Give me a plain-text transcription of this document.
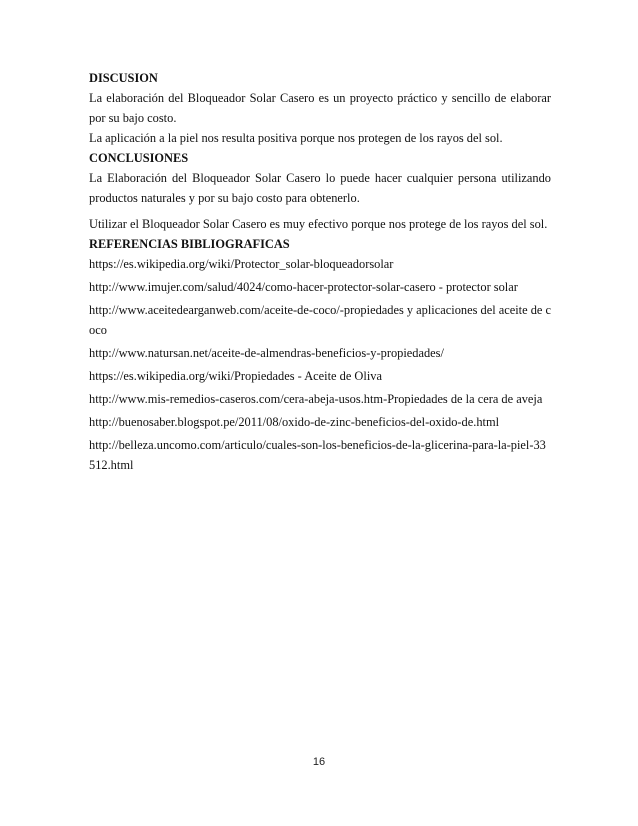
DISCUSION

La elaboración del Bloqueador Solar Casero es un proyecto práctico y sencillo de elaborar por su bajo costo.

La aplicación a la piel nos resulta positiva porque nos protegen de los rayos del sol.

CONCLUSIONES

La Elaboración del Bloqueador Solar Casero lo puede hacer cualquier persona utilizando productos naturales y por su bajo costo para obtenerlo.

Utilizar el Bloqueador Solar Casero es muy efectivo porque nos protege de los rayos del sol.

REFERENCIAS BIBLIOGRAFICAS

https://es.wikipedia.org/wiki/Protector_solar-bloqueadorsolar

http://www.imujer.com/salud/4024/como-hacer-protector-solar-casero - protector solar

http://www.aceitedearganweb.com/aceite-de-coco/-propiedades y aplicaciones del aceite de coco

http://www.natursan.net/aceite-de-almendras-beneficios-y-propiedades/

https://es.wikipedia.org/wiki/Propiedades - Aceite de Oliva

http://www.mis-remedios-caseros.com/cera-abeja-usos.htm-Propiedades de la cera de aveja

http://buenosaber.blogspot.pe/2011/08/oxido-de-zinc-beneficios-del-oxido-de.html

http://belleza.uncomo.com/articulo/cuales-son-los-beneficios-de-la-glicerina-para-la-piel-33512.html

16
